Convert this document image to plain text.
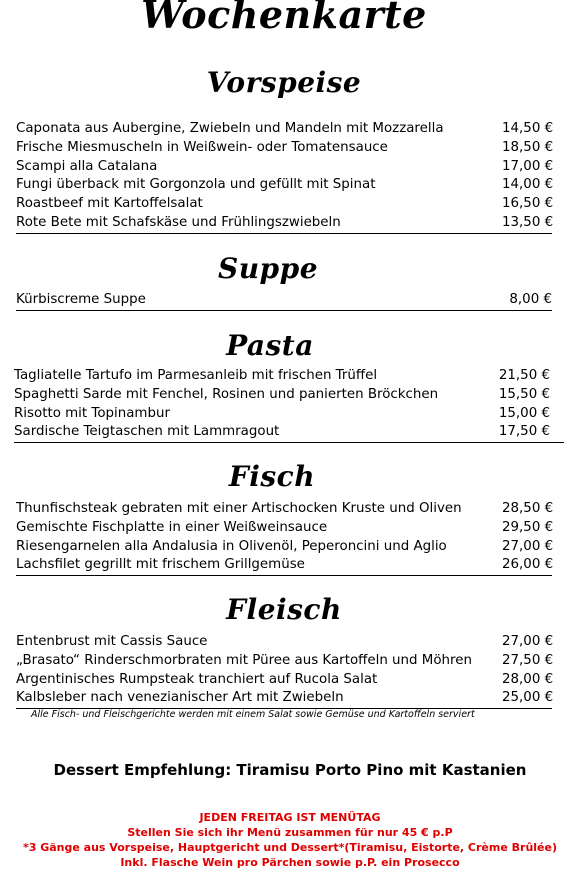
Wochenkarte
Vorspeise
Caponata aus Aubergine, Zwiebeln und Mandeln mit Mozzarella	14,50 €
Frische Miesmuscheln in Weißwein- oder Tomatensauce	18,50 €
Scampi alla Catalana	17,00 €
Fungi überback mit Gorgonzola und gefüllt mit Spinat	14,00 €
Roastbeef mit Kartoffelsalat	16,50 €
Rote Bete mit Schafskäse und Frühlingszwiebeln	13,50 €
Suppe
Kürbiscreme Suppe	8,00 €
Pasta
Tagliatelle Tartufo im Parmesanleib mit frischen Trüffel	21,50 €
Spaghetti Sarde mit Fenchel, Rosinen und panierten Bröckchen	15,50 €
Risotto mit Topinambur	15,00 €
Sardische Teigtaschen mit Lammragout	17,50 €
Fisch
Thunfischsteak gebraten mit einer Artischocken Kruste und Oliven	28,50 €
Gemischte Fischplatte in einer Weißweinsauce	29,50 €
Riesengarnelen alla Andalusia in Olivenöl, Peperoncini und Aglio	27,00 €
Lachsfilet gegrillt mit frischem Grillgemüse	26,00 €
Fleisch
Entenbrust mit Cassis Sauce	27,00 €
„Brasato“ Rinderschmorbraten mit Püree aus Kartoffeln und Möhren	27,50 €
Argentinisches Rumpsteak tranchiert auf Rucola Salat	28,00 €
Kalbsleber nach venezianischer Art mit Zwiebeln	25,00 €
Alle Fisch- und Fleischgerichte werden mit einem Salat sowie Gemüse und Kartoffeln serviert
Dessert Empfehlung: Tiramisu Porto Pino mit Kastanien
JEDEN FREITAG IST MENÜTAG
Stellen Sie sich ihr Menü zusammen für nur 45 € p.P
*3 Gänge aus Vorspeise, Hauptgericht und Dessert*(Tiramisu, Eistorte, Crème Brûlée)
Inkl. Flasche Wein pro Pärchen sowie p.P. ein Prosecco
